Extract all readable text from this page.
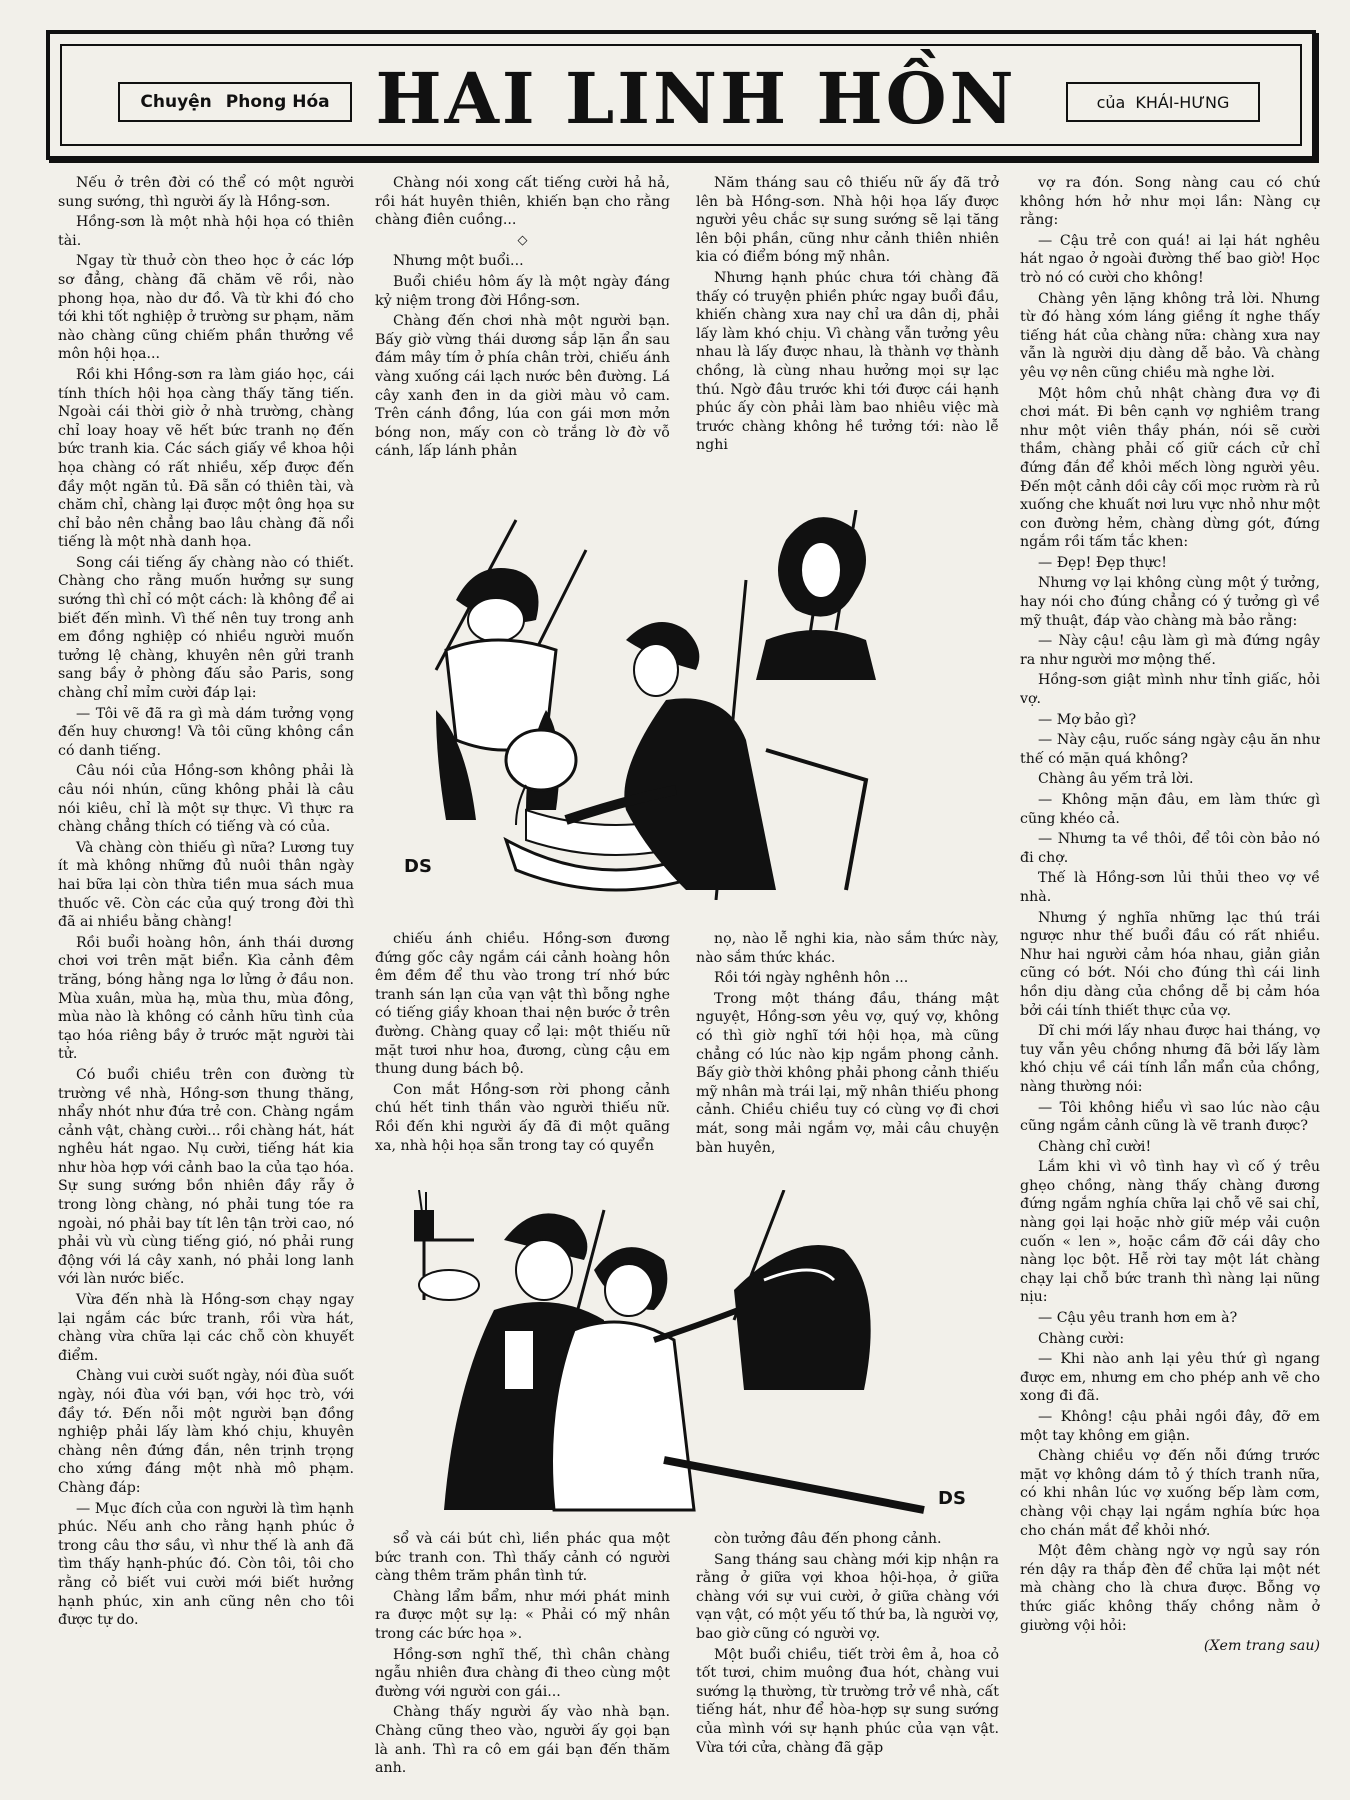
Chuyện Phong Hóa HAI LINH HỒN	của KHÁI-HƯNG

Nếu ở trên đời có thể có một người sung sướng, thì người ấy là Hồng-sơn.

Hồng-sơn là một nhà hội họa có thiên tài.

Ngay từ thuở còn theo học ở các lớp sơ đẳng, chàng đã chăm vẽ rồi, nào phong họa, nào dư đồ. Và từ khi đó cho tới khi tốt nghiệp ở trường sư phạm, năm nào chàng cũng chiếm phần thưởng về môn hội họa...

Rồi khi Hồng-sơn ra làm giáo học, cái tính thích hội họa càng thấy tăng tiến. Ngoài cái thời giờ ở nhà trường, chàng chỉ loay hoay vẽ hết bức tranh nọ đến bức tranh kia. Các sách giấy về khoa hội họa chàng có rất nhiều, xếp được đến đầy một ngăn tủ. Đã sẵn có thiên tài, và chăm chỉ, chàng lại được một ông họa sư chỉ bảo nên chẳng bao lâu chàng đã nổi tiếng là một nhà danh họa.

Song cái tiếng ấy chàng nào có thiết. Chàng cho rằng muốn hưởng sự sung sướng thì chỉ có một cách: là không để ai biết đến mình. Vì thế nên tuy trong anh em đồng nghiệp có nhiều người muốn tưởng lệ chàng, khuyên nên gửi tranh sang bầy ở phòng đấu sảo Paris, song chàng chỉ mỉm cười đáp lại:

— Tôi vẽ đã ra gì mà dám tưởng vọng đến huy chương! Và tôi cũng không cần có danh tiếng.

Câu nói của Hồng-sơn không phải là câu nói nhún, cũng không phải là câu nói kiêu, chỉ là một sự thực. Vì thực ra chàng chẳng thích có tiếng và có của.

Và chàng còn thiếu gì nữa? Lương tuy ít mà không những đủ nuôi thân ngày hai bữa lại còn thừa tiền mua sách mua thuốc vẽ. Còn các của quý trong đời thì đã ai nhiều bằng chàng!

Rồi buổi hoàng hôn, ánh thái dương chơi vơi trên mặt biển. Kìa cảnh đêm trăng, bóng hằng nga lơ lửng ở đầu non. Mùa xuân, mùa hạ, mùa thu, mùa đông, mùa nào là không có cảnh hữu tình của tạo hóa riêng bầy ở trước mặt người tài tử.

Có buổi chiều trên con đường từ trường về nhà, Hồng-sơn thung thăng, nhẩy nhót như đứa trẻ con. Chàng ngắm cảnh vật, chàng cười... rồi chàng hát, hát nghêu hát ngao. Nụ cười, tiếng hát kia như hòa hợp với cảnh bao la của tạo hóa. Sự sung sướng bồn nhiên đầy rẫy ở trong lòng chàng, nó phải tung tóe ra ngoài, nó phải bay tít lên tận trời cao, nó phải vù vù cùng tiếng gió, nó phải rung động với lá cây xanh, nó phải long lanh với làn nước biếc.

Vừa đến nhà là Hồng-sơn chạy ngay lại ngắm các bức tranh, rồi vừa hát, chàng vừa chữa lại các chỗ còn khuyết điểm.

Chàng vui cười suốt ngày, nói đùa suốt ngày, nói đùa với bạn, với học trò, với đầy tớ. Đến nỗi một người bạn đồng nghiệp phải lấy làm khó chịu, khuyên chàng nên đứng đắn, nên trịnh trọng cho xứng đáng một nhà mô phạm. Chàng đáp:

— Mục đích của con người là tìm hạnh phúc. Nếu anh cho rằng hạnh phúc ở trong câu thơ sầu, vì như thế là anh đã tìm thấy hạnh-phúc đó. Còn tôi, tôi cho rằng cỏ biết vui cười mới biết hưởng hạnh phúc, xin anh cũng nên cho tôi được tự do.

Chàng nói xong cất tiếng cười hả hả, rồi hát huyên thiên, khiến bạn cho rằng chàng điên cuồng...

◇

Nhưng một buổi...

Buổi chiều hôm ấy là một ngày đáng kỷ niệm trong đời Hồng-sơn.

Chàng đến chơi nhà một người bạn. Bấy giờ vừng thái dương sắp lặn ẩn sau đám mây tím ở phía chân trời, chiếu ánh vàng xuống cái lạch nước bên đường. Lá cây xanh đen in da giời màu vỏ cam. Trên cánh đồng, lúa con gái mơn mởn bóng non, mấy con cò trắng lờ đờ vỗ cánh, lấp lánh phản

Năm tháng sau cô thiếu nữ ấy đã trở lên bà Hồng-sơn. Nhà hội họa lấy được người yêu chắc sự sung sướng sẽ lại tăng lên bội phần, cũng như cảnh thiên nhiên kia có điểm bóng mỹ nhân.

Nhưng hạnh phúc chưa tới chàng đã thấy có truyện phiền phức ngay buổi đầu, khiến chàng xưa nay chỉ ưa dân dị, phải lấy làm khó chịu. Vì chàng vẫn tưởng yêu nhau là lấy được nhau, là thành vợ thành chồng, là cùng nhau hưởng mọi sự lạc thú. Ngờ đâu trước khi tới được cái hạnh phúc ấy còn phải làm bao nhiêu việc mà trước chàng không hề tưởng tới: nào lễ nghi

DS

chiếu ánh chiều. Hồng-sơn đương đứng gốc cây ngắm cái cảnh hoàng hôn êm đềm để thu vào trong trí nhớ bức tranh sán lạn của vạn vật thì bỗng nghe có tiếng giầy khoan thai nện bước ở trên đường. Chàng quay cổ lại: một thiếu nữ mặt tươi như hoa, đương, cùng cậu em thung dung bách bộ.

Con mắt Hồng-sơn rời phong cảnh chú hết tinh thần vào người thiếu nữ. Rồi đến khi người ấy đã đi một quãng xa, nhà hội họa sẵn trong tay có quyển

nọ, nào lễ nghi kia, nào sắm thức này, nào sắm thức khác.

Rồi tới ngày nghênh hôn ...

Trong một tháng đầu, tháng mật nguyệt, Hồng-sơn yêu vợ, quý vợ, không có thì giờ nghĩ tới hội họa, mà cũng chẳng có lúc nào kịp ngắm phong cảnh. Bấy giờ thời không phải phong cảnh thiếu mỹ nhân mà trái lại, mỹ nhân thiếu phong cảnh. Chiều chiều tuy có cùng vợ đi chơi mát, song mải ngắm vợ, mải câu chuyện bàn huyên,

DS

sổ và cái bút chì, liền phác qua một bức tranh con. Thì thấy cảnh có người càng thêm trăm phần tình tứ.

Chàng lẩm bẩm, như mới phát minh ra được một sự lạ: « Phải có mỹ nhân trong các bức họa ».

Hồng-sơn nghĩ thế, thì chân chàng ngẫu nhiên đưa chàng đi theo cùng một đường với người con gái...

Chàng thấy người ấy vào nhà bạn. Chàng cũng theo vào, người ấy gọi bạn là anh. Thì ra cô em gái bạn đến thăm anh.

còn tưởng đâu đến phong cảnh.

Sang tháng sau chàng mới kịp nhận ra rằng ở giữa vợi khoa hội-họa, ở giữa chàng với sự vui cười, ở giữa chàng với vạn vật, có một yếu tố thứ ba, là người vợ, bao giờ cũng có người vợ.

Một buổi chiều, tiết trời êm ả, hoa cỏ tốt tươi, chim muông đua hót, chàng vui sướng lạ thường, từ trường trở về nhà, cất tiếng hát, như để hòa-hợp sự sung sướng của mình với sự hạnh phúc của vạn vật. Vừa tới cửa, chàng đã gặp

vợ ra đón. Song nàng cau có chứ không hớn hở như mọi lần: Nàng cự rằng:

— Cậu trẻ con quá! ai lại hát nghêu hát ngao ở ngoài đường thế bao giờ! Học trò nó có cười cho không!

Chàng yên lặng không trả lời. Nhưng từ đó hàng xóm láng giềng ít nghe thấy tiếng hát của chàng nữa: chàng xưa nay vẫn là người dịu dàng dễ bảo. Và chàng yêu vợ nên cũng chiều mà nghe lời.

Một hôm chủ nhật chàng đưa vợ đi chơi mát. Đi bên cạnh vợ nghiêm trang như một viên thầy phán, nói sẽ cười thầm, chàng phải cố giữ cách cử chỉ đứng đắn để khỏi mếch lòng người yêu. Đến một cảnh dồi cây cối mọc rườm rà rủ xuống che khuất nơi lưu vực nhỏ như một con đường hẻm, chàng dừng gót, đứng ngắm rồi tấm tắc khen:

— Đẹp! Đẹp thực!

Nhưng vợ lại không cùng một ý tưởng, hay nói cho đúng chẳng có ý tưởng gì về mỹ thuật, đáp vào chàng mà bảo rằng:

— Này cậu! cậu làm gì mà đứng ngây ra như người mơ mộng thế.

Hồng-sơn giật mình như tỉnh giấc, hỏi vợ.

— Mợ bảo gì?

— Này cậu, ruốc sáng ngày cậu ăn như thế có mặn quá không?

Chàng âu yếm trả lời.

— Không mặn đâu, em làm thức gì cũng khéo cả.

— Nhưng ta về thôi, để tôi còn bảo nó đi chợ.

Thế là Hồng-sơn lủi thủi theo vợ về nhà.

Nhưng ý nghĩa những lạc thú trái ngược như thế buổi đầu có rất nhiều. Như hai người cảm hóa nhau, giản giản cũng có bớt. Nói cho đúng thì cái linh hồn dịu dàng của chồng dễ bị cảm hóa bởi cái tính thiết thực của vợ.

Dĩ chi mới lấy nhau được hai tháng, vợ tuy vẫn yêu chồng nhưng đã bởi lấy làm khó chịu về cái tính lẩn mẩn của chồng, nàng thường nói:

— Tôi không hiểu vì sao lúc nào cậu cũng ngắm cảnh cũng là vẽ tranh được?

Chàng chỉ cười!

Lắm khi vì vô tình hay vì cố ý trêu ghẹo chồng, nàng thấy chàng đương đứng ngắm nghía chữa lại chỗ vẽ sai chỉ, nàng gọi lại hoặc nhờ giữ mép vải cuộn cuốn « len », hoặc cầm đỡ cái dây cho nàng lọc bột. Hễ rời tay một lát chàng chạy lại chỗ bức tranh thì nàng lại nũng nịu:

— Cậu yêu tranh hơn em à?

Chàng cười:

— Khi nào anh lại yêu thứ gì ngang được em, nhưng em cho phép anh vẽ cho xong đi đã.

— Không! cậu phải ngồi đây, đỡ em một tay không em giận.

Chàng chiều vợ đến nỗi đứng trước mặt vợ không dám tỏ ý thích tranh nữa, có khi nhân lúc vợ xuống bếp làm cơm, chàng vội chạy lại ngắm nghía bức họa cho chán mắt để khỏi nhớ.

Một đêm chàng ngờ vợ ngủ say rón rén dậy ra thắp đèn để chữa lại một nét mà chàng cho là chưa được. Bỗng vợ thức giấc không thấy chồng nằm ở giường vội hỏi:

(Xem trang sau)
